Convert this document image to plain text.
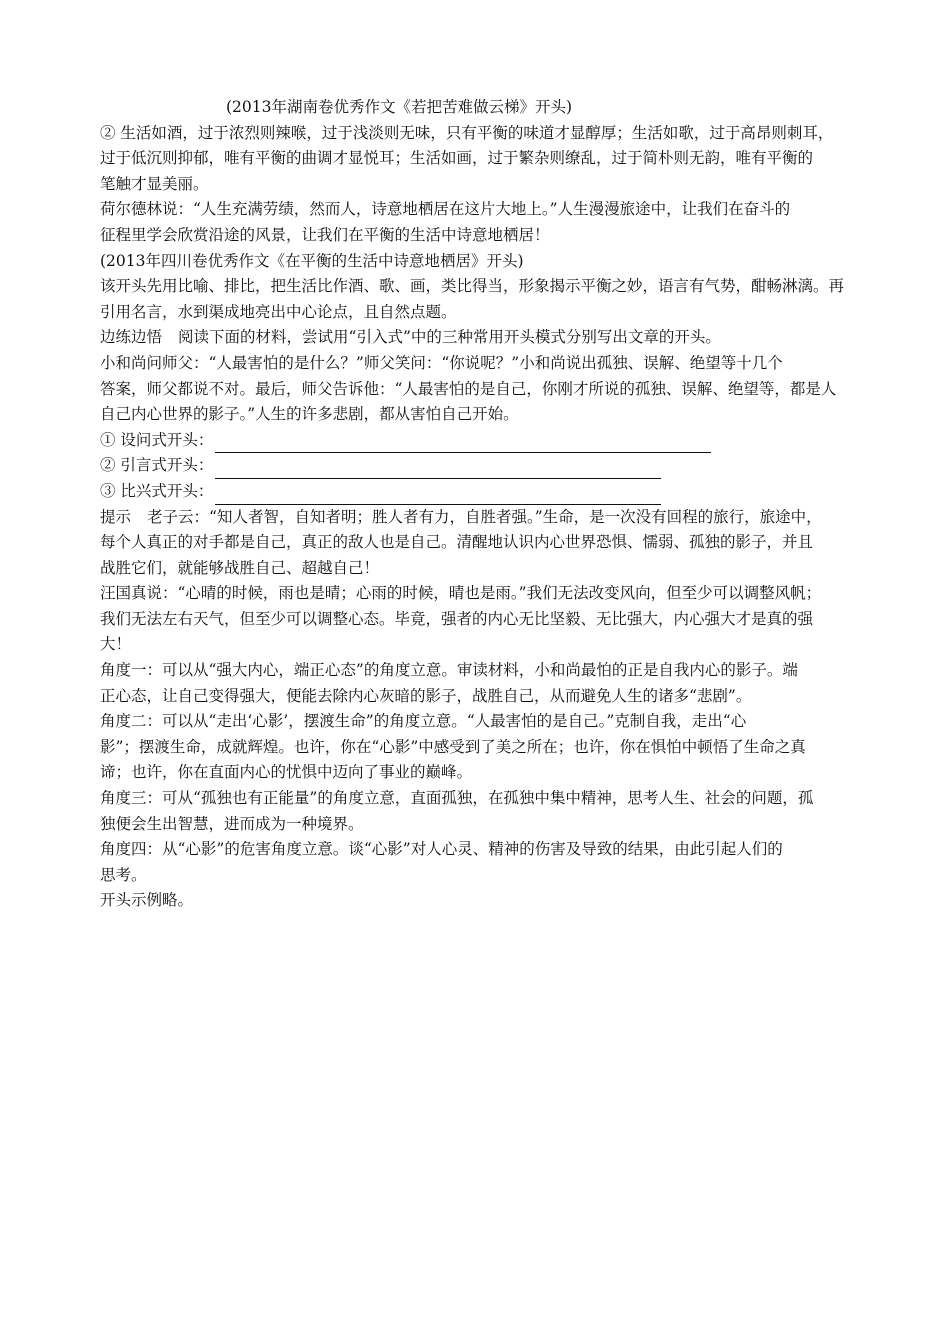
(2013年湖南卷优秀作文《若把苦难做云梯》开头)
② 生活如酒，过于浓烈则辣喉，过于浅淡则无味，只有平衡的味道才显醇厚；生活如歌，过于高昂则刺耳，
过于低沉则抑郁，唯有平衡的曲调才显悦耳；生活如画，过于繁杂则缭乱，过于简朴则无韵，唯有平衡的
笔触才显美丽。
荷尔德林说：“人生充满劳绩，然而人，诗意地栖居在这片大地上。”人生漫漫旅途中，让我们在奋斗的
征程里学会欣赏沿途的风景，让我们在平衡的生活中诗意地栖居！
(2013年四川卷优秀作文《在平衡的生活中诗意地栖居》开头)
该开头先用比喻、排比，把生活比作酒、歌、画，类比得当，形象揭示平衡之妙，语言有气势，酣畅淋漓。再
引用名言，水到渠成地亮出中心论点，且自然点题。
边练边悟 阅读下面的材料，尝试用“引入式”中的三种常用开头模式分别写出文章的开头。
小和尚问师父：“人最害怕的是什么？”师父笑问：“你说呢？”小和尚说出孤独、误解、绝望等十几个
答案，师父都说不对。最后，师父告诉他：“人最害怕的是自己，你刚才所说的孤独、误解、绝望等，都是人
自己内心世界的影子。”人生的许多悲剧，都从害怕自己开始。
① 设问式开头：
② 引言式开头：
③ 比兴式开头：
提示 老子云：“知人者智，自知者明；胜人者有力，自胜者强。”生命，是一次没有回程的旅行，旅途中，
每个人真正的对手都是自己，真正的敌人也是自己。清醒地认识内心世界恐惧、懦弱、孤独的影子，并且
战胜它们，就能够战胜自己、超越自己！
汪国真说：“心晴的时候，雨也是晴；心雨的时候，晴也是雨。”我们无法改变风向，但至少可以调整风帆；
我们无法左右天气，但至少可以调整心态。毕竟，强者的内心无比坚毅、无比强大，内心强大才是真的强
大！
角度一：可以从“强大内心，端正心态”的角度立意。审读材料，小和尚最怕的正是自我内心的影子。端
正心态，让自己变得强大，便能去除内心灰暗的影子，战胜自己，从而避免人生的诸多“悲剧”。
角度二：可以从“走出‘心影’，摆渡生命”的角度立意。“人最害怕的是自己。”克制自我，走出“心
影”；摆渡生命，成就辉煌。也许，你在“心影”中感受到了美之所在；也许，你在惧怕中顿悟了生命之真
谛；也许，你在直面内心的忧惧中迈向了事业的巅峰。
角度三：可从“孤独也有正能量”的角度立意，直面孤独，在孤独中集中精神，思考人生、社会的问题，孤
独便会生出智慧，进而成为一种境界。
角度四：从“心影”的危害角度立意。谈“心影”对人心灵、精神的伤害及导致的结果，由此引起人们的
思考。
开头示例略。
